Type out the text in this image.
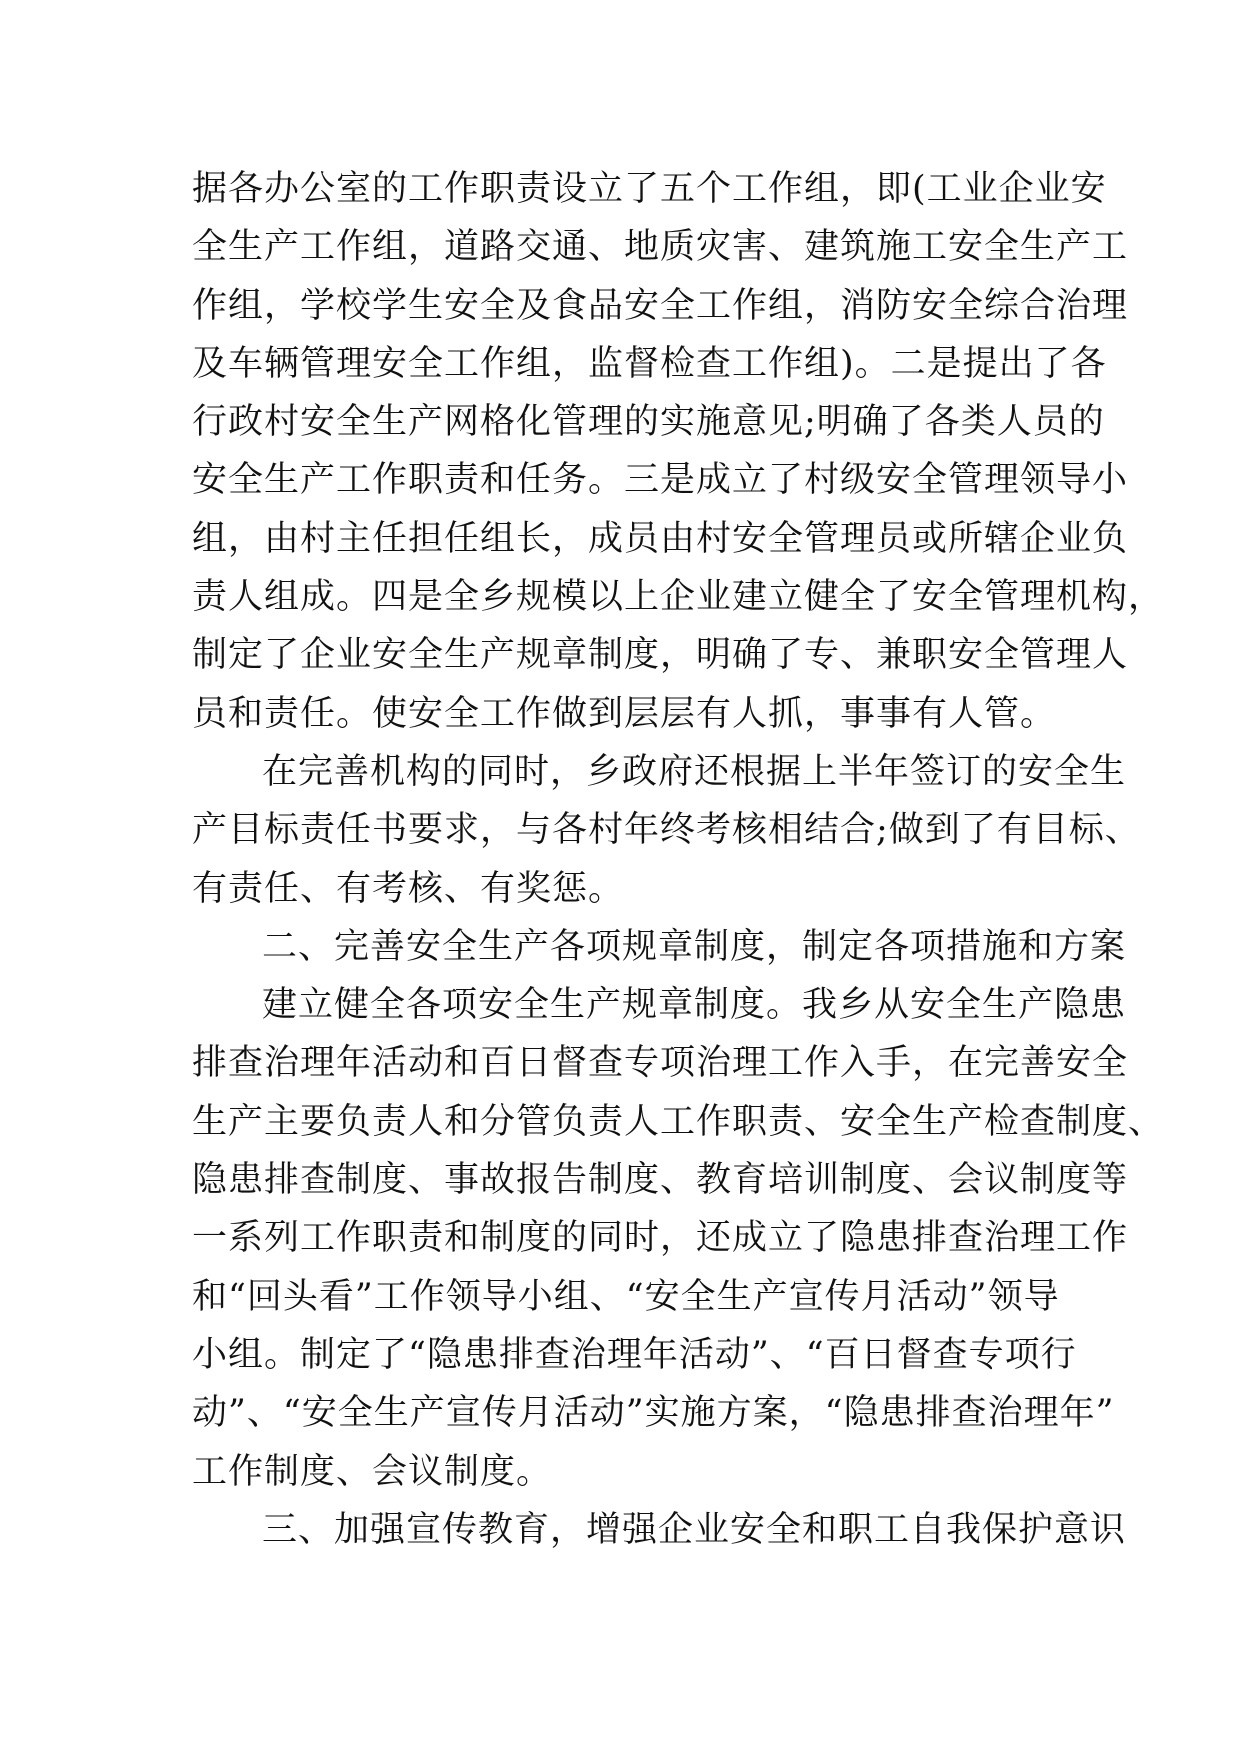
据各办公室的工作职责设立了五个工作组，即(工业企业安
全生产工作组，道路交通、地质灾害、建筑施工安全生产工
作组，学校学生安全及食品安全工作组，消防安全综合治理
及车辆管理安全工作组，监督检查工作组)。二是提出了各
行政村安全生产网格化管理的实施意见;明确了各类人员的
安全生产工作职责和任务。三是成立了村级安全管理领导小
组，由村主任担任组长，成员由村安全管理员或所辖企业负
责人组成。四是全乡规模以上企业建立健全了安全管理机构，
制定了企业安全生产规章制度，明确了专、兼职安全管理人
员和责任。使安全工作做到层层有人抓，事事有人管。
在完善机构的同时，乡政府还根据上半年签订的安全生
产目标责任书要求，与各村年终考核相结合;做到了有目标、
有责任、有考核、有奖惩。
二、完善安全生产各项规章制度，制定各项措施和方案
建立健全各项安全生产规章制度。我乡从安全生产隐患
排查治理年活动和百日督查专项治理工作入手，在完善安全
生产主要负责人和分管负责人工作职责、安全生产检查制度、
隐患排查制度、事故报告制度、教育培训制度、会议制度等
一系列工作职责和制度的同时，还成立了隐患排查治理工作
和“回头看”工作领导小组、“安全生产宣传月活动”领导
小组。制定了“隐患排查治理年活动”、“百日督查专项行
动”、“安全生产宣传月活动”实施方案，“隐患排查治理年”
工作制度、会议制度。
三、加强宣传教育，增强企业安全和职工自我保护意识
